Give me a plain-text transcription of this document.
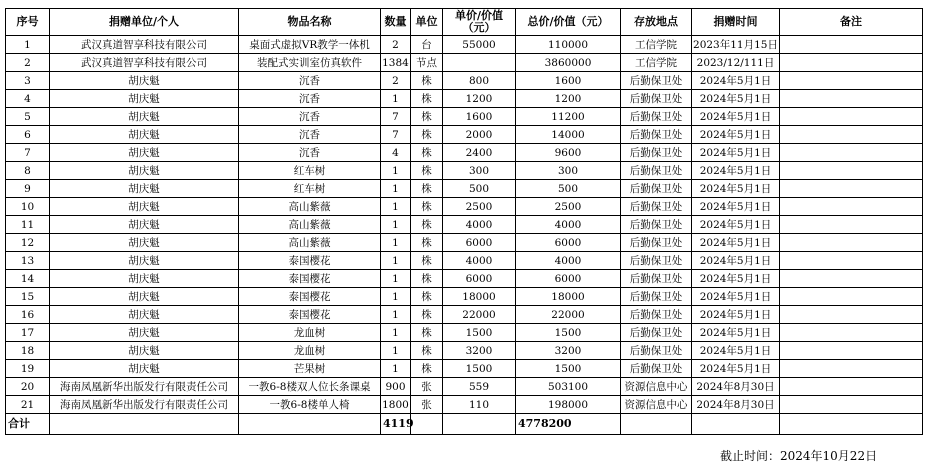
序号	捐赠单位/个人	物品名称	数量	单位	单价/价值（元）	总价/价值（元）	存放地点	捐赠时间	备注
1	武汉真道智享科技有限公司	桌面式虚拟VR教学一体机	2	台	55000	110000	工信学院	2023年11月15日	
2	武汉真道智享科技有限公司	装配式实训室仿真软件	1384	节点		3860000	工信学院	2023/12/111日	
3	胡庆魁	沉香	2	株	800	1600	后勤保卫处	2024年5月1日	
4	胡庆魁	沉香	1	株	1200	1200	后勤保卫处	2024年5月1日	
5	胡庆魁	沉香	7	株	1600	11200	后勤保卫处	2024年5月1日	
6	胡庆魁	沉香	7	株	2000	14000	后勤保卫处	2024年5月1日	
7	胡庆魁	沉香	4	株	2400	9600	后勤保卫处	2024年5月1日	
8	胡庆魁	红车树	1	株	300	300	后勤保卫处	2024年5月1日	
9	胡庆魁	红车树	1	株	500	500	后勤保卫处	2024年5月1日	
10	胡庆魁	高山紫薇	1	株	2500	2500	后勤保卫处	2024年5月1日	
11	胡庆魁	高山紫薇	1	株	4000	4000	后勤保卫处	2024年5月1日	
12	胡庆魁	高山紫薇	1	株	6000	6000	后勤保卫处	2024年5月1日	
13	胡庆魁	泰国樱花	1	株	4000	4000	后勤保卫处	2024年5月1日	
14	胡庆魁	泰国樱花	1	株	6000	6000	后勤保卫处	2024年5月1日	
15	胡庆魁	泰国樱花	1	株	18000	18000	后勤保卫处	2024年5月1日	
16	胡庆魁	泰国樱花	1	株	22000	22000	后勤保卫处	2024年5月1日	
17	胡庆魁	龙血树	1	株	1500	1500	后勤保卫处	2024年5月1日	
18	胡庆魁	龙血树	1	株	3200	3200	后勤保卫处	2024年5月1日	
19	胡庆魁	芒果树	1	株	1500	1500	后勤保卫处	2024年5月1日	
20	海南凤凰新华出版发行有限责任公司	一教6-8楼双人位长条课桌	900	张	559	503100	资源信息中心	2024年8月30日	
21	海南凤凰新华出版发行有限责任公司	一教6-8楼单人椅	1800	张	110	198000	资源信息中心	2024年8月30日	
合计			4119			4778200			
截止时间：2024年10月22日
